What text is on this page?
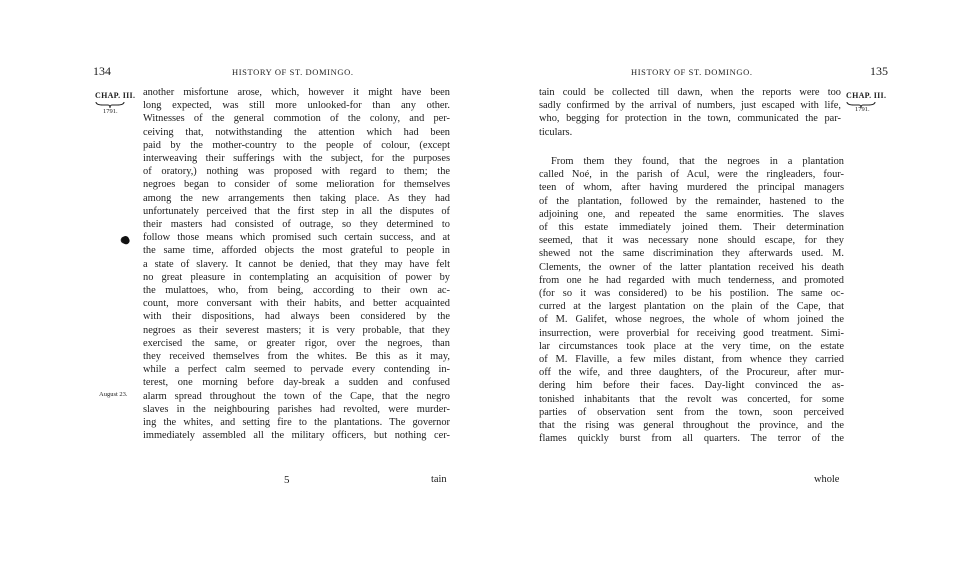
134	HISTORY OF ST. DOMINGO.
CHAP. III.
1791.
August 23.
another misfortune arose, which, however it might have been
long expected, was still more unlooked-for than any other.
Witnesses of the general commotion of the colony, and per-
ceiving that, notwithstanding the attention which had been
paid by the mother-country to the people of colour, (except
interweaving their sufferings with the subject, for the purposes
of oratory,) nothing was proposed with regard to them; the
negroes began to consider of some melioration for themselves
among the new arrangements then taking place. As they had
unfortunately perceived that the first step in all the disputes of
their masters had consisted of outrage, so they determined to
follow those means which promised such certain success, and at
the same time, afforded objects the most grateful to people in
a state of slavery. It cannot be denied, that they may have felt
no great pleasure in contemplating an acquisition of power by
the mulattoes, who, from being, according to their own ac-
count, more conversant with their habits, and better acquainted
with their dispositions, had always been considered by the
negroes as their severest masters; it is very probable, that they
exercised the same, or greater rigor, over the negroes, than
they received themselves from the whites. Be this as it may,
while a perfect calm seemed to pervade every contending in-
terest, one morning before day-break a sudden and confused
alarm spread throughout the town of the Cape, that the negro
slaves in the neighbouring parishes had revolted, were murder-
ing the whites, and setting fire to the plantations. The governor
immediately assembled all the military officers, but nothing cer-
5	tain
HISTORY OF ST. DOMINGO.	135
CHAP. III.
1791.
tain could be collected till dawn, when the reports were too
sadly confirmed by the arrival of numbers, just escaped with life,
who, begging for protection in the town, communicated the par-
ticulars.
From them they found, that the negroes in a plantation
called Noé, in the parish of Acul, were the ringleaders, four-
teen of whom, after having murdered the principal managers
of the plantation, followed by the remainder, hastened to the
adjoining one, and repeated the same enormities. The slaves
of this estate immediately joined them. Their determination
seemed, that it was necessary none should escape, for they
shewed not the same discrimination they afterwards used. M.
Clements, the owner of the latter plantation received his death
from one he had regarded with much tenderness, and promoted
(for so it was considered) to be his postilion. The same oc-
curred at the largest plantation on the plain of the Cape, that
of M. Galifet, whose negroes, the whole of whom joined the
insurrection, were proverbial for receiving good treatment. Simi-
lar circumstances took place at the very time, on the estate
of M. Flaville, a few miles distant, from whence they carried
off the wife, and three daughters, of the Procureur, after mur-
dering him before their faces. Day-light convinced the as-
tonished inhabitants that the revolt was concerted, for some
parties of observation sent from the town, soon perceived
that the rising was general throughout the province, and the
flames quickly burst from all quarters. The terror of the
whole
